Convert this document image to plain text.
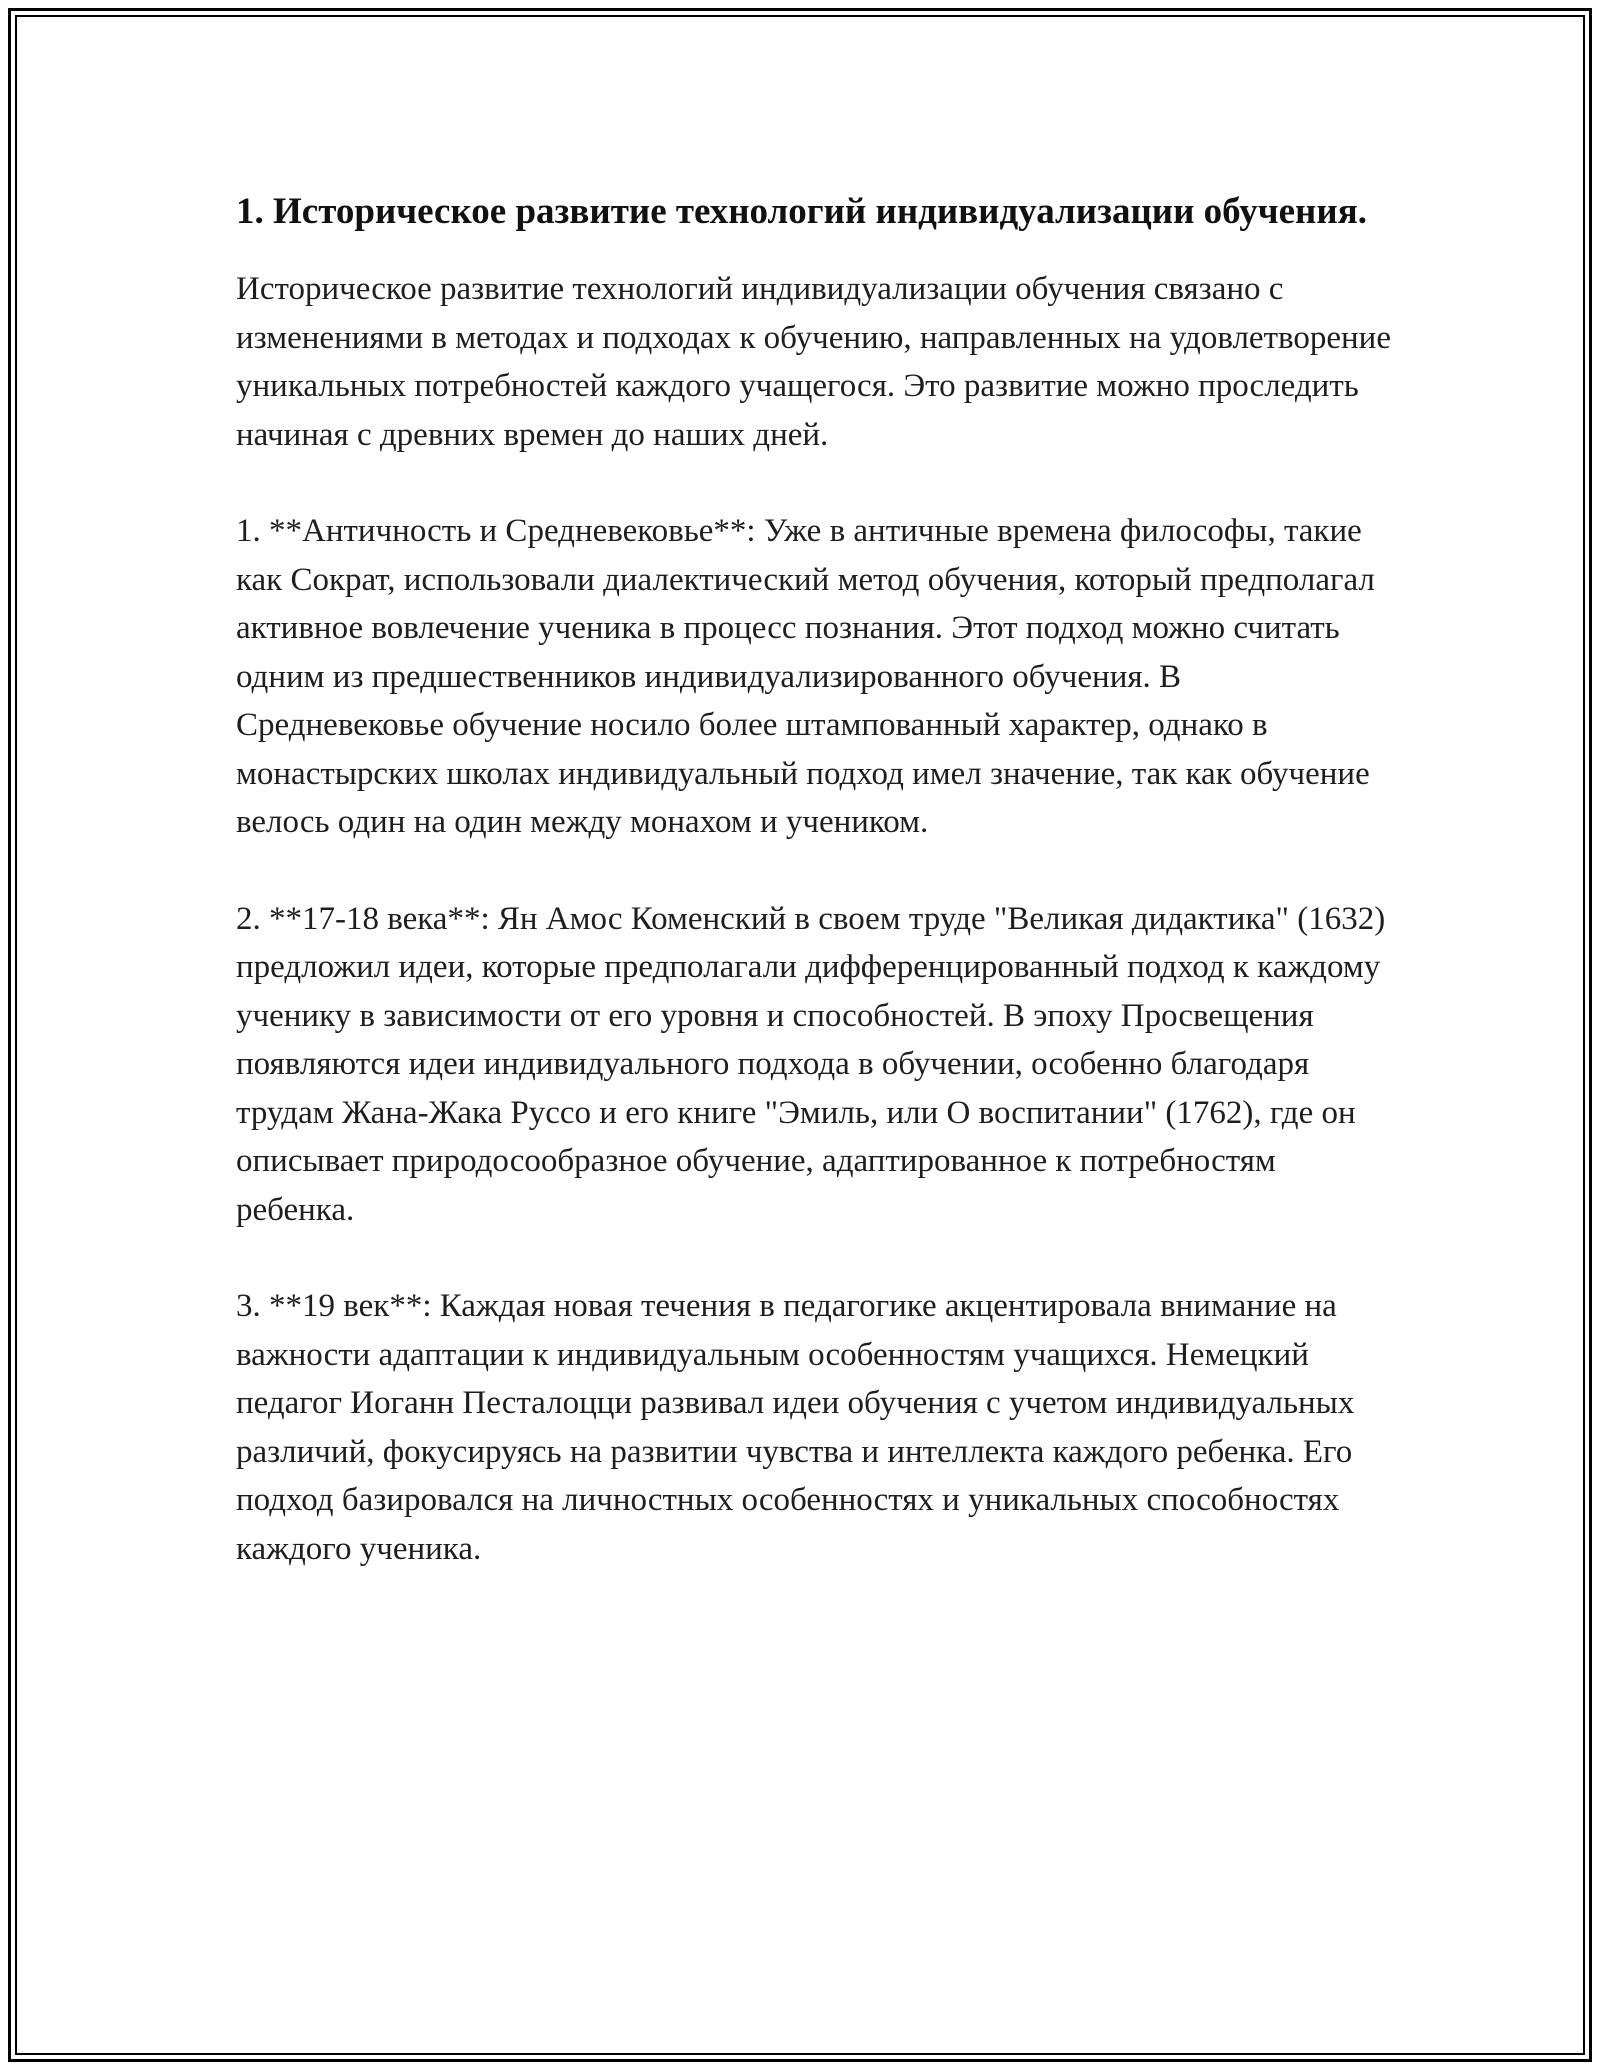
1. Историческое развитие технологий индивидуализации обучения.

Историческое развитие технологий индивидуализации обучения связано с изменениями в методах и подходах к обучению, направленных на удовлетворение уникальных потребностей каждого учащегося. Это развитие можно проследить начиная с древних времен до наших дней.

1. **Античность и Средневековье**: Уже в античные времена философы, такие как Сократ, использовали диалектический метод обучения, который предполагал активное вовлечение ученика в процесс познания. Этот подход можно считать одним из предшественников индивидуализированного обучения. В Средневековье обучение носило более штампованный характер, однако в монастырских школах индивидуальный подход имел значение, так как обучение велось один на один между монахом и учеником.

2. **17-18 века**: Ян Амос Коменский в своем труде "Великая дидактика" (1632) предложил идеи, которые предполагали дифференцированный подход к каждому ученику в зависимости от его уровня и способностей. В эпоху Просвещения появляются идеи индивидуального подхода в обучении, особенно благодаря трудам Жана-Жака Руссо и его книге "Эмиль, или О воспитании" (1762), где он описывает природосообразное обучение, адаптированное к потребностям ребенка.

3. **19 век**: Каждая новая течения в педагогике акцентировала внимание на важности адаптации к индивидуальным особенностям учащихся. Немецкий педагог Иоганн Песталоцци развивал идеи обучения с учетом индивидуальных различий, фокусируясь на развитии чувства и интеллекта каждого ребенка. Его подход базировался на личностных особенностях и уникальных способностях каждого ученика.
